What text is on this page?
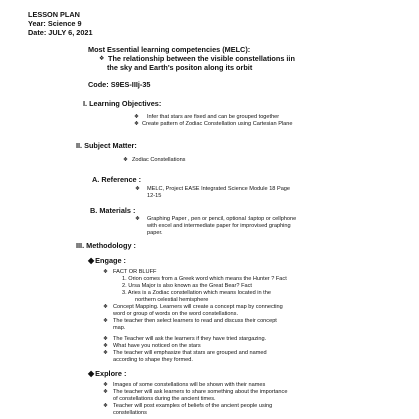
LESSON PLAN
Year: Science 9
Date: JULY 6, 2021
Most Essential learning competencies (MELC):
❖ The relationship between the visible constellations iin
the sky and Earth's positon along its orbit
Code: S9ES-IIIj-35
I. Learning Objectives:
❖ Infer that stars are fixed and can be grouped together
❖ Create pattern of Zodiac Constellation using Cartesian Plane
II. Subject Matter:
❖ Zodiac Constellations
A. Reference :
❖ MELC, Project EASE Integrated Science Module 18 Page
12-15
B. Materials :
❖ Graphing Paper , pen or pencil, optional :laptop or cellphone
with excel and intermediate paper for improvised graphing
paper.
III. Methodology :
◆Engage :
❖ FACT OR BLUFF
1. Orion comes from a Greek word which means the Hunter ? Fact
2. Ursa Major is also known as the Great Bear? Fact
3. Aries is a Zodiac constellation which means located in the
northern celestial hemisphere
❖ Concept Mapping. Learners will create a concept map by connecting
word or group of words on the word constellations.
❖ The teacher then select learners to read and discuss their concept
map.
❖ The Teacher will ask the learners if they have tried stargazing.
❖ What have you noticed on the stars
❖ The teacher will emphasize that stars are grouped and named
according to shape they formed.
◆Explore :
❖ Images of some constellations will be shown with their names
❖ The teacher will ask learners to share something about the importance
of constellations during the ancient times.
❖ Teacher will post examples of beliefs of the ancient people using
constellations
